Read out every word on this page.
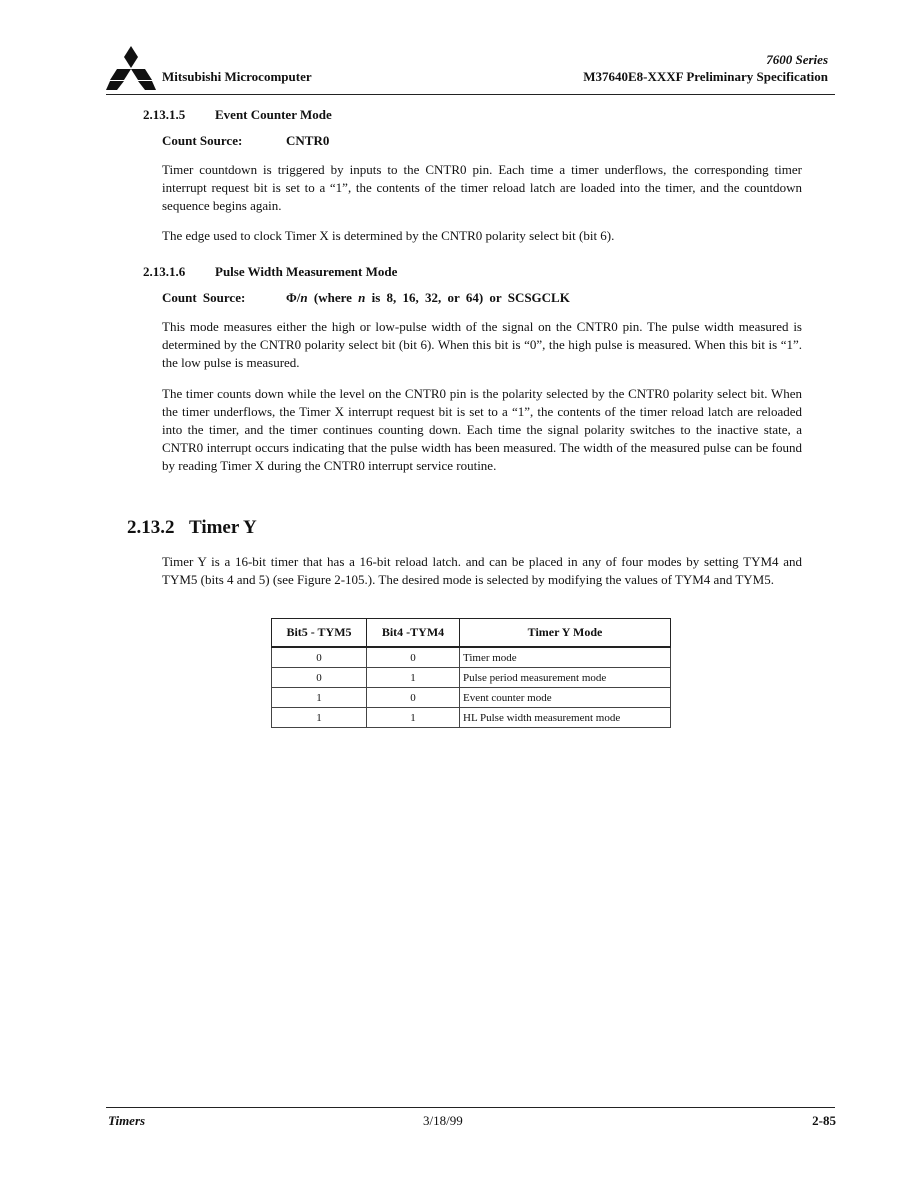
Mitsubishi Microcomputer
7600 Series
M37640E8-XXXF Preliminary Specification
2.13.1.5 Event Counter Mode
Count Source:	CNTR0
Timer countdown is triggered by inputs to the CNTR0 pin. Each time a timer underflows, the corresponding timer interrupt request bit is set to a “1”, the contents of the timer reload latch are loaded into the timer, and the countdown sequence begins again.
The edge used to clock Timer X is determined by the CNTR0 polarity select bit (bit 6).
2.13.1.6 Pulse Width Measurement Mode
Count Source:	Φ/n (where n is 8, 16, 32, or 64) or SCSGCLK
This mode measures either the high or low-pulse width of the signal on the CNTR0 pin. The pulse width measured is determined by the CNTR0 polarity select bit (bit 6). When this bit is “0”, the high pulse is measured. When this bit is “1”. the low pulse is measured.
The timer counts down while the level on the CNTR0 pin is the polarity selected by the CNTR0 polarity select bit. When the timer underflows, the Timer X interrupt request bit is set to a “1”, the contents of the timer reload latch are reloaded into the timer, and the timer continues counting down. Each time the signal polarity switches to the inactive state, a CNTR0 interrupt occurs indicating that the pulse width has been measured. The width of the measured pulse can be found by reading Timer X during the CNTR0 interrupt service routine.
2.13.2 Timer Y
Timer Y is a 16-bit timer that has a 16-bit reload latch. and can be placed in any of four modes by setting TYM4 and TYM5 (bits 4 and 5) (see Figure 2-105.). The desired mode is selected by modifying the values of TYM4 and TYM5.
Bit5 - TYM5	Bit4 -TYM4	Timer Y Mode
0	0	Timer mode
0	1	Pulse period measurement mode
1	0	Event counter mode
1	1	HL Pulse width measurement mode
Timers	3/18/99	2-85
